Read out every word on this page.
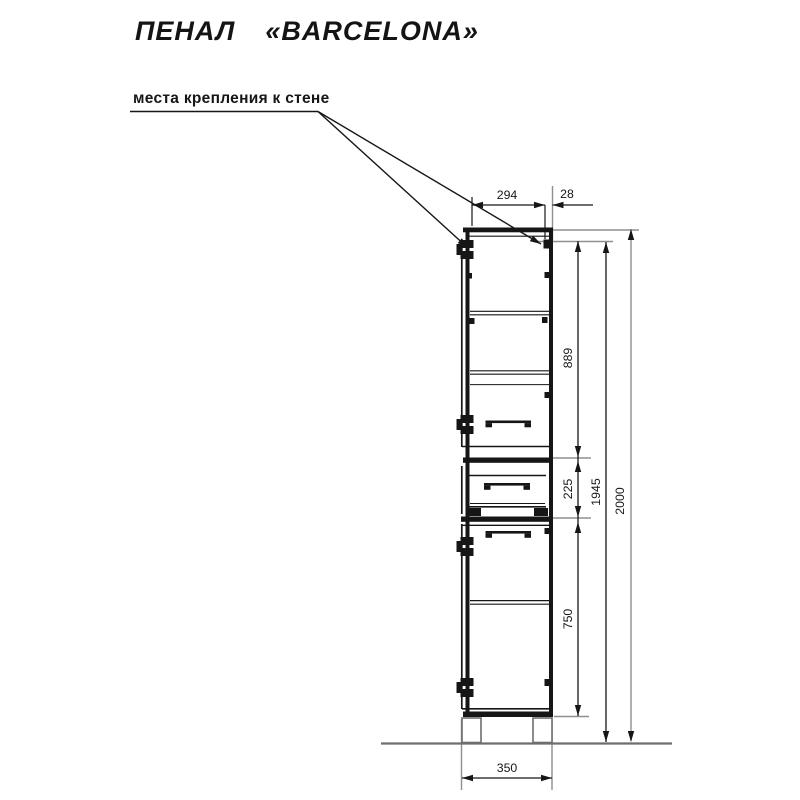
ПЕНАЛ «BARCELONA»
места крепления к стене
294	28
889
225
750
1945 2000
350
